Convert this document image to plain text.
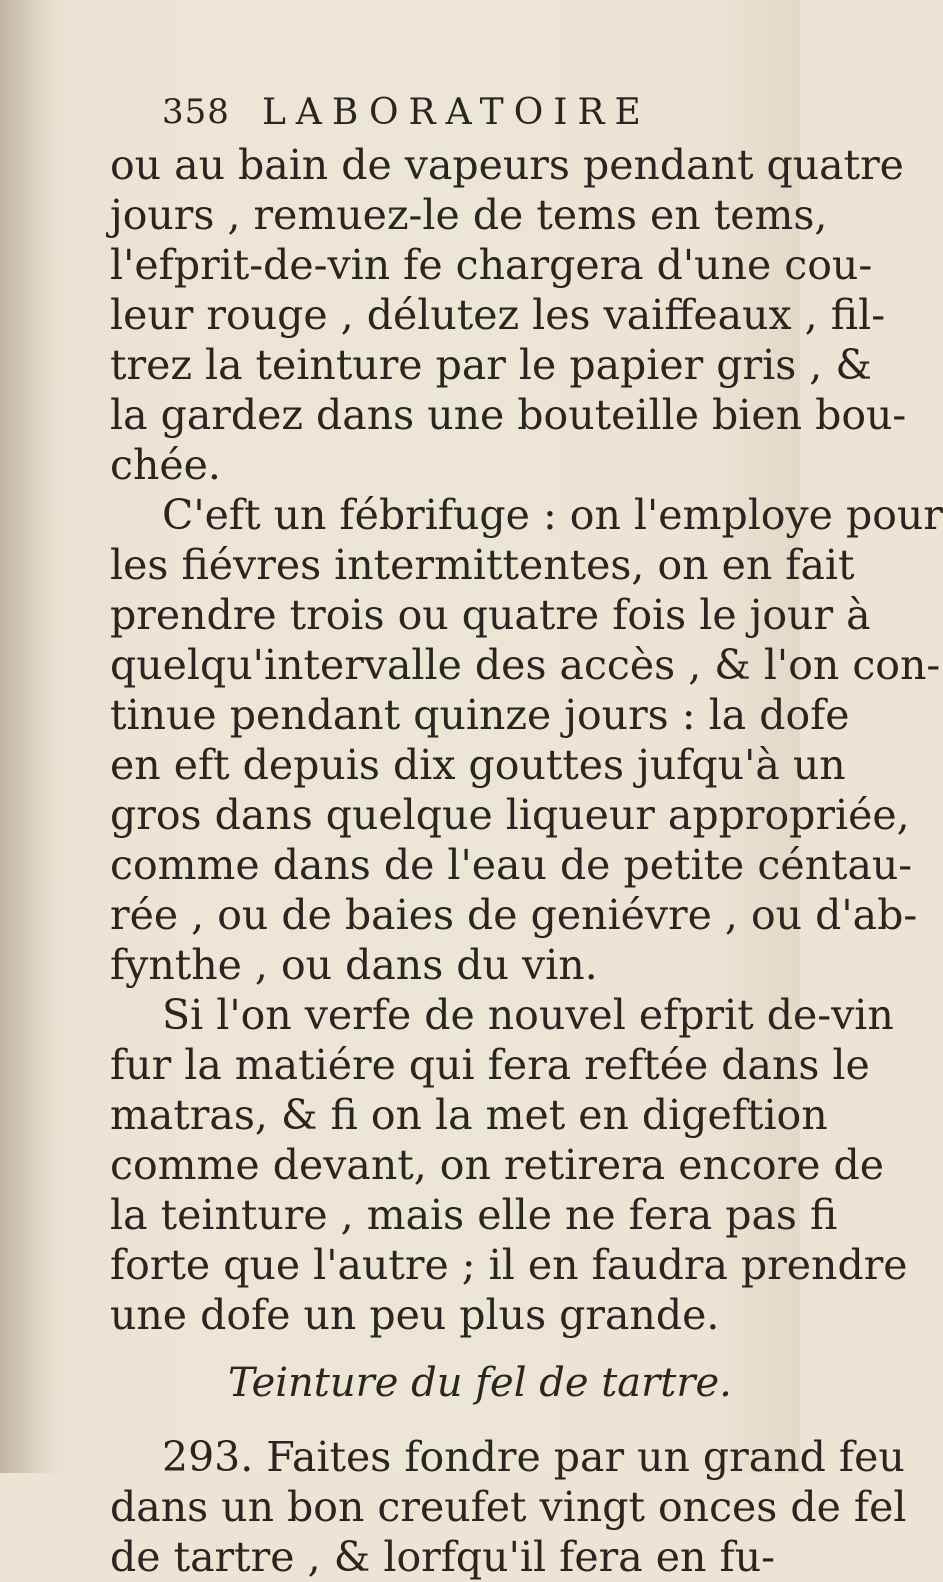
358 LABORATOIRE
ou au bain de vapeurs pendant quatre
jours , remuez-le de tems en tems,
l'efprit-de-vin fe chargera d'une cou-
leur rouge , délutez les vaiffeaux , fil-
trez la teinture par le papier gris , &
la gardez dans une bouteille bien bou-
chée.
C'eft un fébrifuge : on l'employe pour
les fiévres intermittentes, on en fait
prendre trois ou quatre fois le jour à
quelqu'intervalle des accès , & l'on con-
tinue pendant quinze jours : la dofe
en eft depuis dix gouttes jufqu'à un
gros dans quelque liqueur appropriée,
comme dans de l'eau de petite céntau-
rée , ou de baies de geniévre , ou d'ab-
fynthe , ou dans du vin.
Si l'on verfe de nouvel efprit de-vin
fur la matiére qui fera reftée dans le
matras, & fi on la met en digeftion
comme devant, on retirera encore de
la teinture , mais elle ne fera pas fi
forte que l'autre ; il en faudra prendre
une dofe un peu plus grande.
Teinture du fel de tartre.
293. Faites fondre par un grand feu
dans un bon creufet vingt onces de fel
de tartre , & lorfqu'il fera en fu-
